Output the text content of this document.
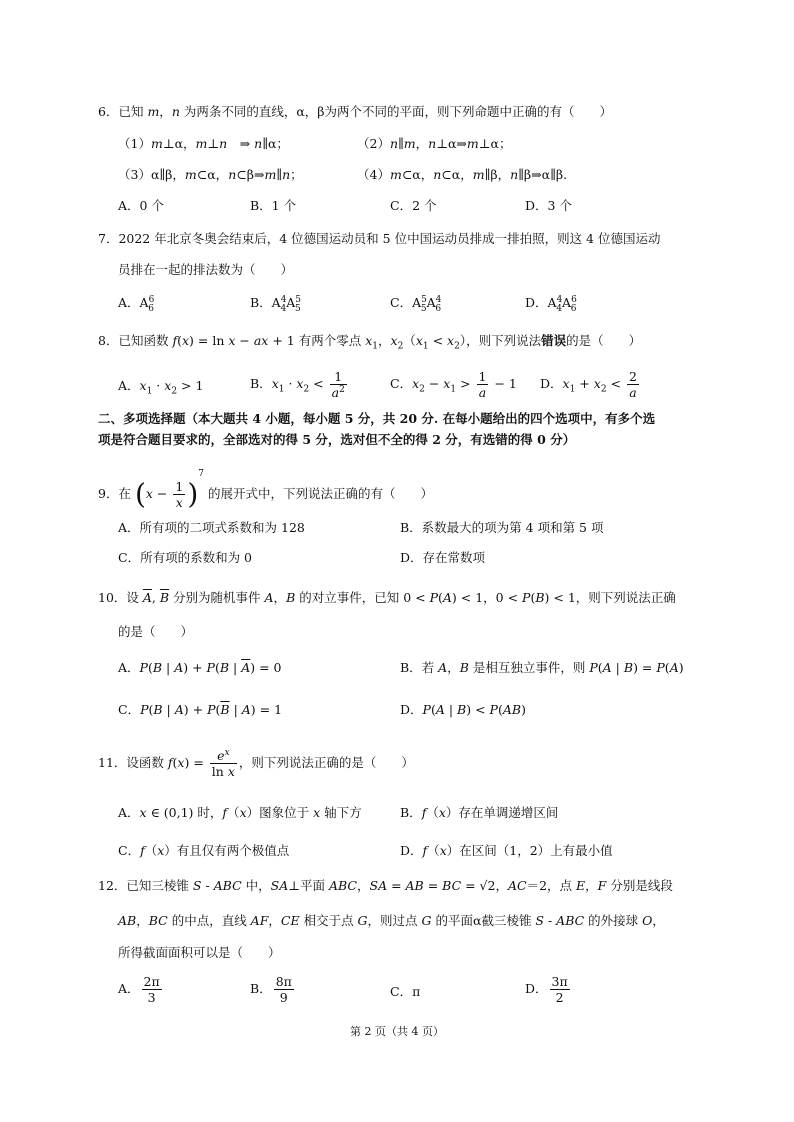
6．已知 m，n 为两条不同的直线，α，β为两个不同的平面，则下列命题中正确的有（　　）
（1）m⊥α，m⊥n　⇒ n∥α；	（2）n∥m，n⊥α⇒m⊥α；
（3）α∥β，m⊂α，n⊂β⇒m∥n；	（4）m⊂α，n⊂α，m∥β，n∥β⇒α∥β.
A．0 个	B．1 个	C．2 个	D．3 个
7．2022 年北京冬奥会结束后，4 位德国运动员和 5 位中国运动员排成一排拍照，则这 4 位德国运动
员排在一起的排法数为（　　）
A．$A^6_6$	B．$A^4_4A^5_5$	C．$A^5_5A^4_6$	D．$A^4_4A^6_6$
8．已知函数 f(x) = ln x − ax + 1 有两个零点 $x_1$，$x_2(x_1 < x_2)$，则下列说法错误的是（　　）
A．$x_1 \cdot x_2 > 1$	B．$x_1 \cdot x_2 < \frac{1}{a^2}$	C．$x_2 - x_1 > \frac{1}{a} - 1$ D．$x_1 + x_2 < \frac{2}{a}$
二、多项选择题（本大题共 4 小题，每小题 5 分，共 20 分. 在每小题给出的四个选项中，有多个选
项是符合题目要求的，全部选对的得 5 分，选对但不全的得 2 分，有选错的得 0 分）
9．在 $(x - \frac{1}{x} )^7$ 的展开式中，下列说法正确的有（　　）
A．所有项的二项式系数和为 128	B．系数最大的项为第 4 项和第 5 项
C．所有项的系数和为 0	D．存在常数项
10．设 $\overline{A}$, $\overline{B}$ 分别为随机事件 A，B 的对立事件，已知 0 < P(A) < 1，0 < P(B) < 1，则下列说法正确
的是（　　）
A．P(B | A) + P(B | $\overline{A}) = 0$	B．若 A，B 是相互独立事件，则 P(A | B) = P(A)
C．P(B | $A) + P(\overline{B}$ | A) = 1	D．P(A | B) < P(AB)
11．设函数 $f(x) = \frac{e^x}{\text{ln x}}$ ，则下列说法正确的是（　　）
A．x ∈ (0,1) 时，f（x）图象位于 x 轴下方	B．f（x）存在单调递增区间
C．f（x）有且仅有两个极值点	D．f（x）在区间（1，2）上有最小值
12．已知三棱锥 S - ABC 中，SA⊥平面 ABC，SA = AB = BC = √2，AC＝2，点 E，F 分别是线段
AB，BC 的中点，直线 AF，CE 相交于点 G，则过点 G 的平面α截三棱锥 S - ABC 的外接球 O，
所得截面面积可以是（　　）
A． $\frac{2\pi}{3}$	B． $\frac{8\pi}{9}$	C．π	D． $\frac{3\pi}{2}$
第 2 页（共 4 页）
